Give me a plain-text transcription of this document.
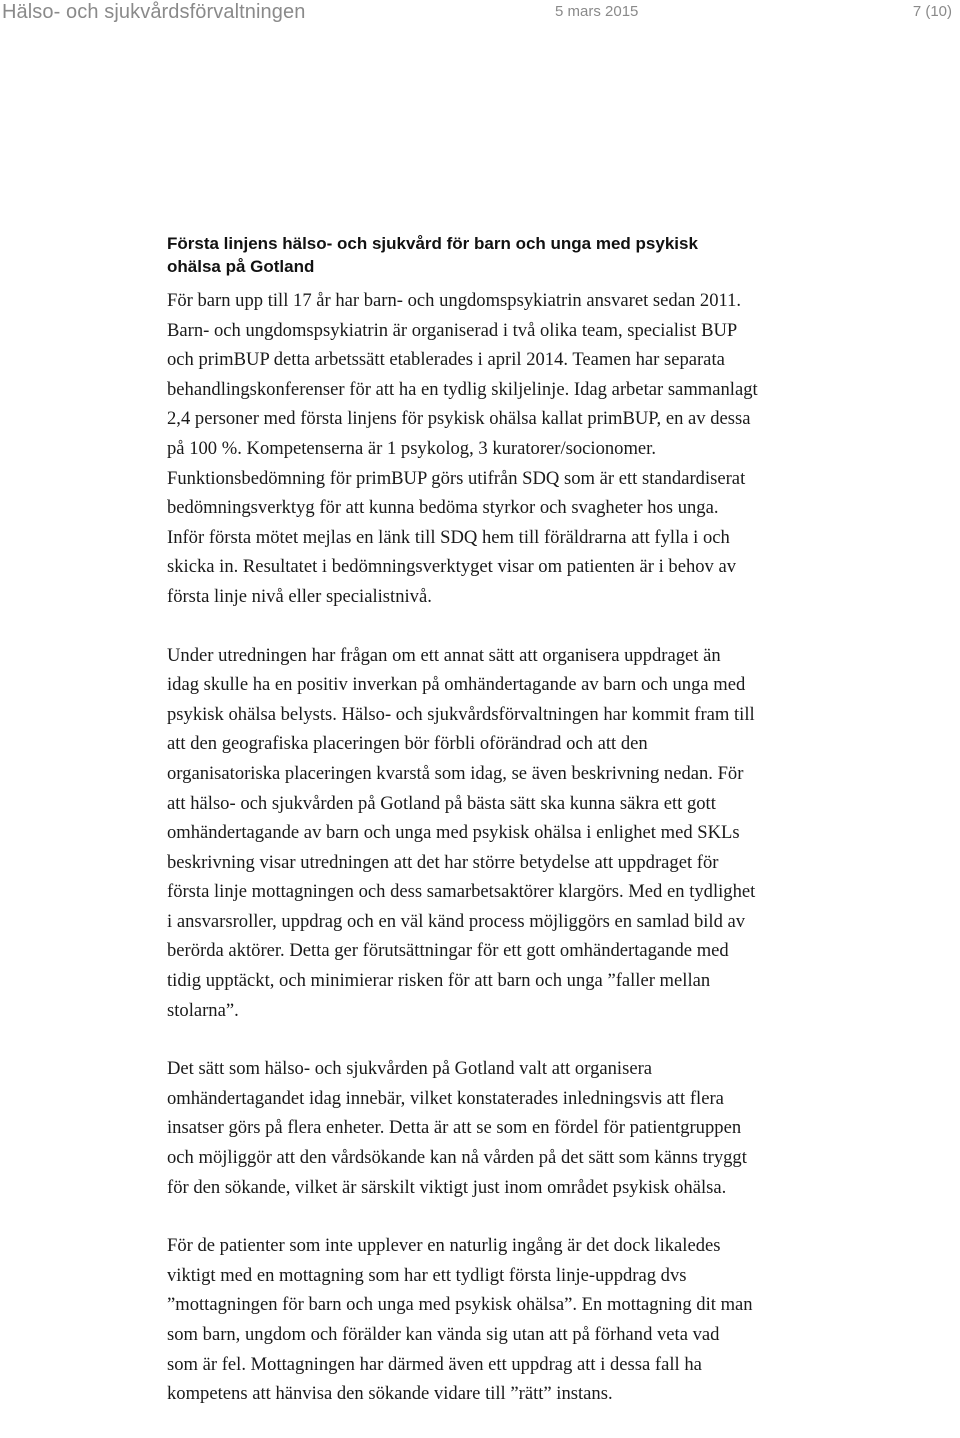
Hälso- och sjukvårdsförvaltningen	5 mars 2015	7 (10)
Första linjens hälso- och sjukvård för barn och unga med psykisk
ohälsa på Gotland
För barn upp till 17 år har barn- och ungdomspsykiatrin ansvaret sedan 2011.
Barn- och ungdomspsykiatrin är organiserad i två olika team, specialist BUP
och primBUP detta arbetssätt etablerades i april 2014. Teamen har separata
behandlingskonferenser för att ha en tydlig skiljelinje. Idag arbetar sammanlagt
2,4 personer med första linjens för psykisk ohälsa kallat primBUP, en av dessa
på 100 %. Kompetenserna är 1 psykolog, 3 kuratorer/socionomer.
Funktionsbedömning för primBUP görs utifrån SDQ som är ett standardiserat
bedömningsverktyg för att kunna bedöma styrkor och svagheter hos unga.
Inför första mötet mejlas en länk till SDQ hem till föräldrarna att fylla i och
skicka in. Resultatet i bedömningsverktyget visar om patienten är i behov av
första linje nivå eller specialistnivå.
Under utredningen har frågan om ett annat sätt att organisera uppdraget än
idag skulle ha en positiv inverkan på omhändertagande av barn och unga med
psykisk ohälsa belysts. Hälso- och sjukvårdsförvaltningen har kommit fram till
att den geografiska placeringen bör förbli oförändrad och att den
organisatoriska placeringen kvarstå som idag, se även beskrivning nedan. För
att hälso- och sjukvården på Gotland på bästa sätt ska kunna säkra ett gott
omhändertagande av barn och unga med psykisk ohälsa i enlighet med SKLs
beskrivning visar utredningen att det har större betydelse att uppdraget för
första linje mottagningen och dess samarbetsaktörer klargörs. Med en tydlighet
i ansvarsroller, uppdrag och en väl känd process möjliggörs en samlad bild av
berörda aktörer. Detta ger förutsättningar för ett gott omhändertagande med
tidig upptäckt, och minimierar risken för att barn och unga ”faller mellan
stolarna”.
Det sätt som hälso- och sjukvården på Gotland valt att organisera
omhändertagandet idag innebär, vilket konstaterades inledningsvis att flera
insatser görs på flera enheter. Detta är att se som en fördel för patientgruppen
och möjliggör att den vårdsökande kan nå vården på det sätt som känns tryggt
för den sökande, vilket är särskilt viktigt just inom området psykisk ohälsa.
För de patienter som inte upplever en naturlig ingång är det dock likaledes
viktigt med en mottagning som har ett tydligt första linje-uppdrag dvs
”mottagningen för barn och unga med psykisk ohälsa”. En mottagning dit man
som barn, ungdom och förälder kan vända sig utan att på förhand veta vad
som är fel. Mottagningen har därmed även ett uppdrag att i dessa fall ha
kompetens att hänvisa den sökande vidare till ”rätt” instans.
